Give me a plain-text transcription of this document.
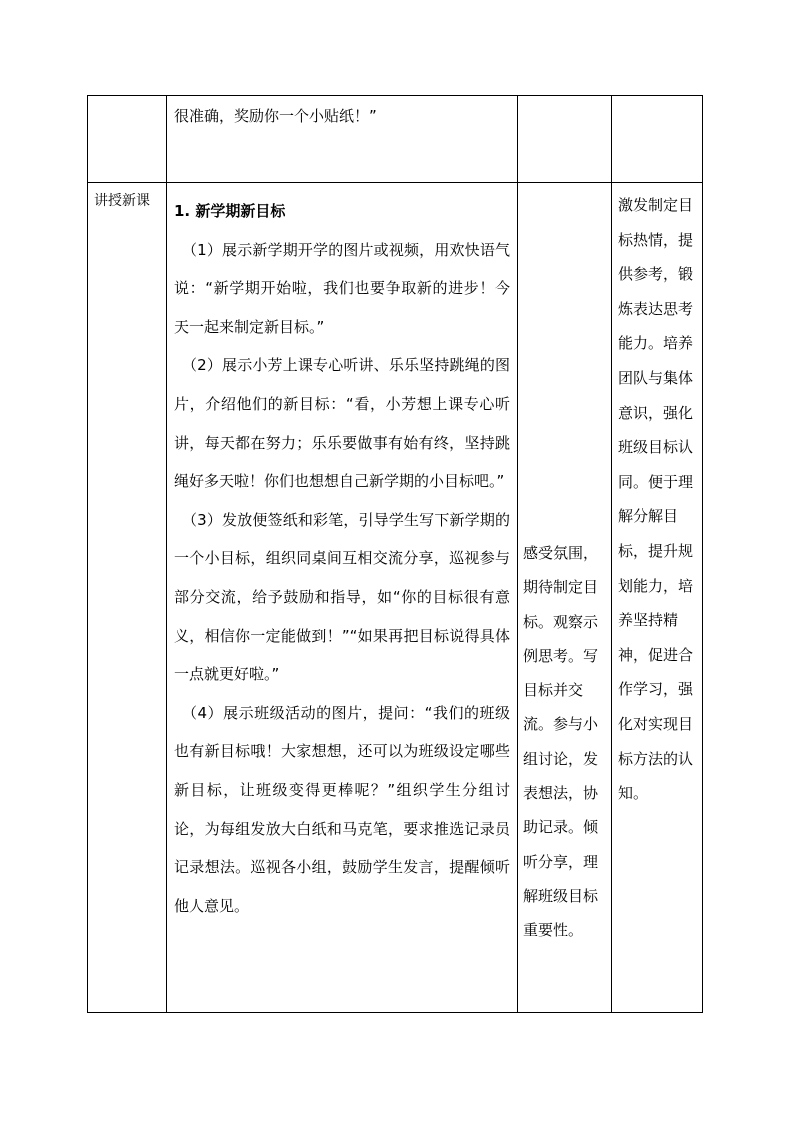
	很准确，奖励你一个小贴纸！”		

讲授新课	1. 新学期新目标

（1）展示新学期开学的图片或视频，用欢快语气说：“新学期开始啦，我们也要争取新的进步！今天一起来制定新目标。”

（2）展示小芳上课专心听讲、乐乐坚持跳绳的图片，介绍他们的新目标：“看，小芳想上课专心听讲，每天都在努力；乐乐要做事有始有终，坚持跳绳好多天啦！你们也想想自己新学期的小目标吧。”

（3）发放便签纸和彩笔，引导学生写下新学期的一个小目标，组织同桌间互相交流分享，巡视参与部分交流，给予鼓励和指导，如“你的目标很有意义，相信你一定能做到！”“如果再把目标说得具体一点就更好啦。”

（4）展示班级活动的图片，提问：“我们的班级也有新目标哦！大家想想，还可以为班级设定哪些新目标，让班级变得更棒呢？”组织学生分组讨论，为每组发放大白纸和马克笔，要求推选记录员记录想法。巡视各小组，鼓励学生发言，提醒倾听他人意见。	感受氛围，期待制定目标。观察示例思考。写目标并交流。参与小组讨论，发表想法，协助记录。倾听分享，理解班级目标重要性。	激发制定目标热情，提供参考，锻炼表达思考能力。培养团队与集体意识，强化班级目标认同。便于理解分解目标，提升规划能力，培养坚持精神，促进合作学习，强化对实现目标方法的认知。
